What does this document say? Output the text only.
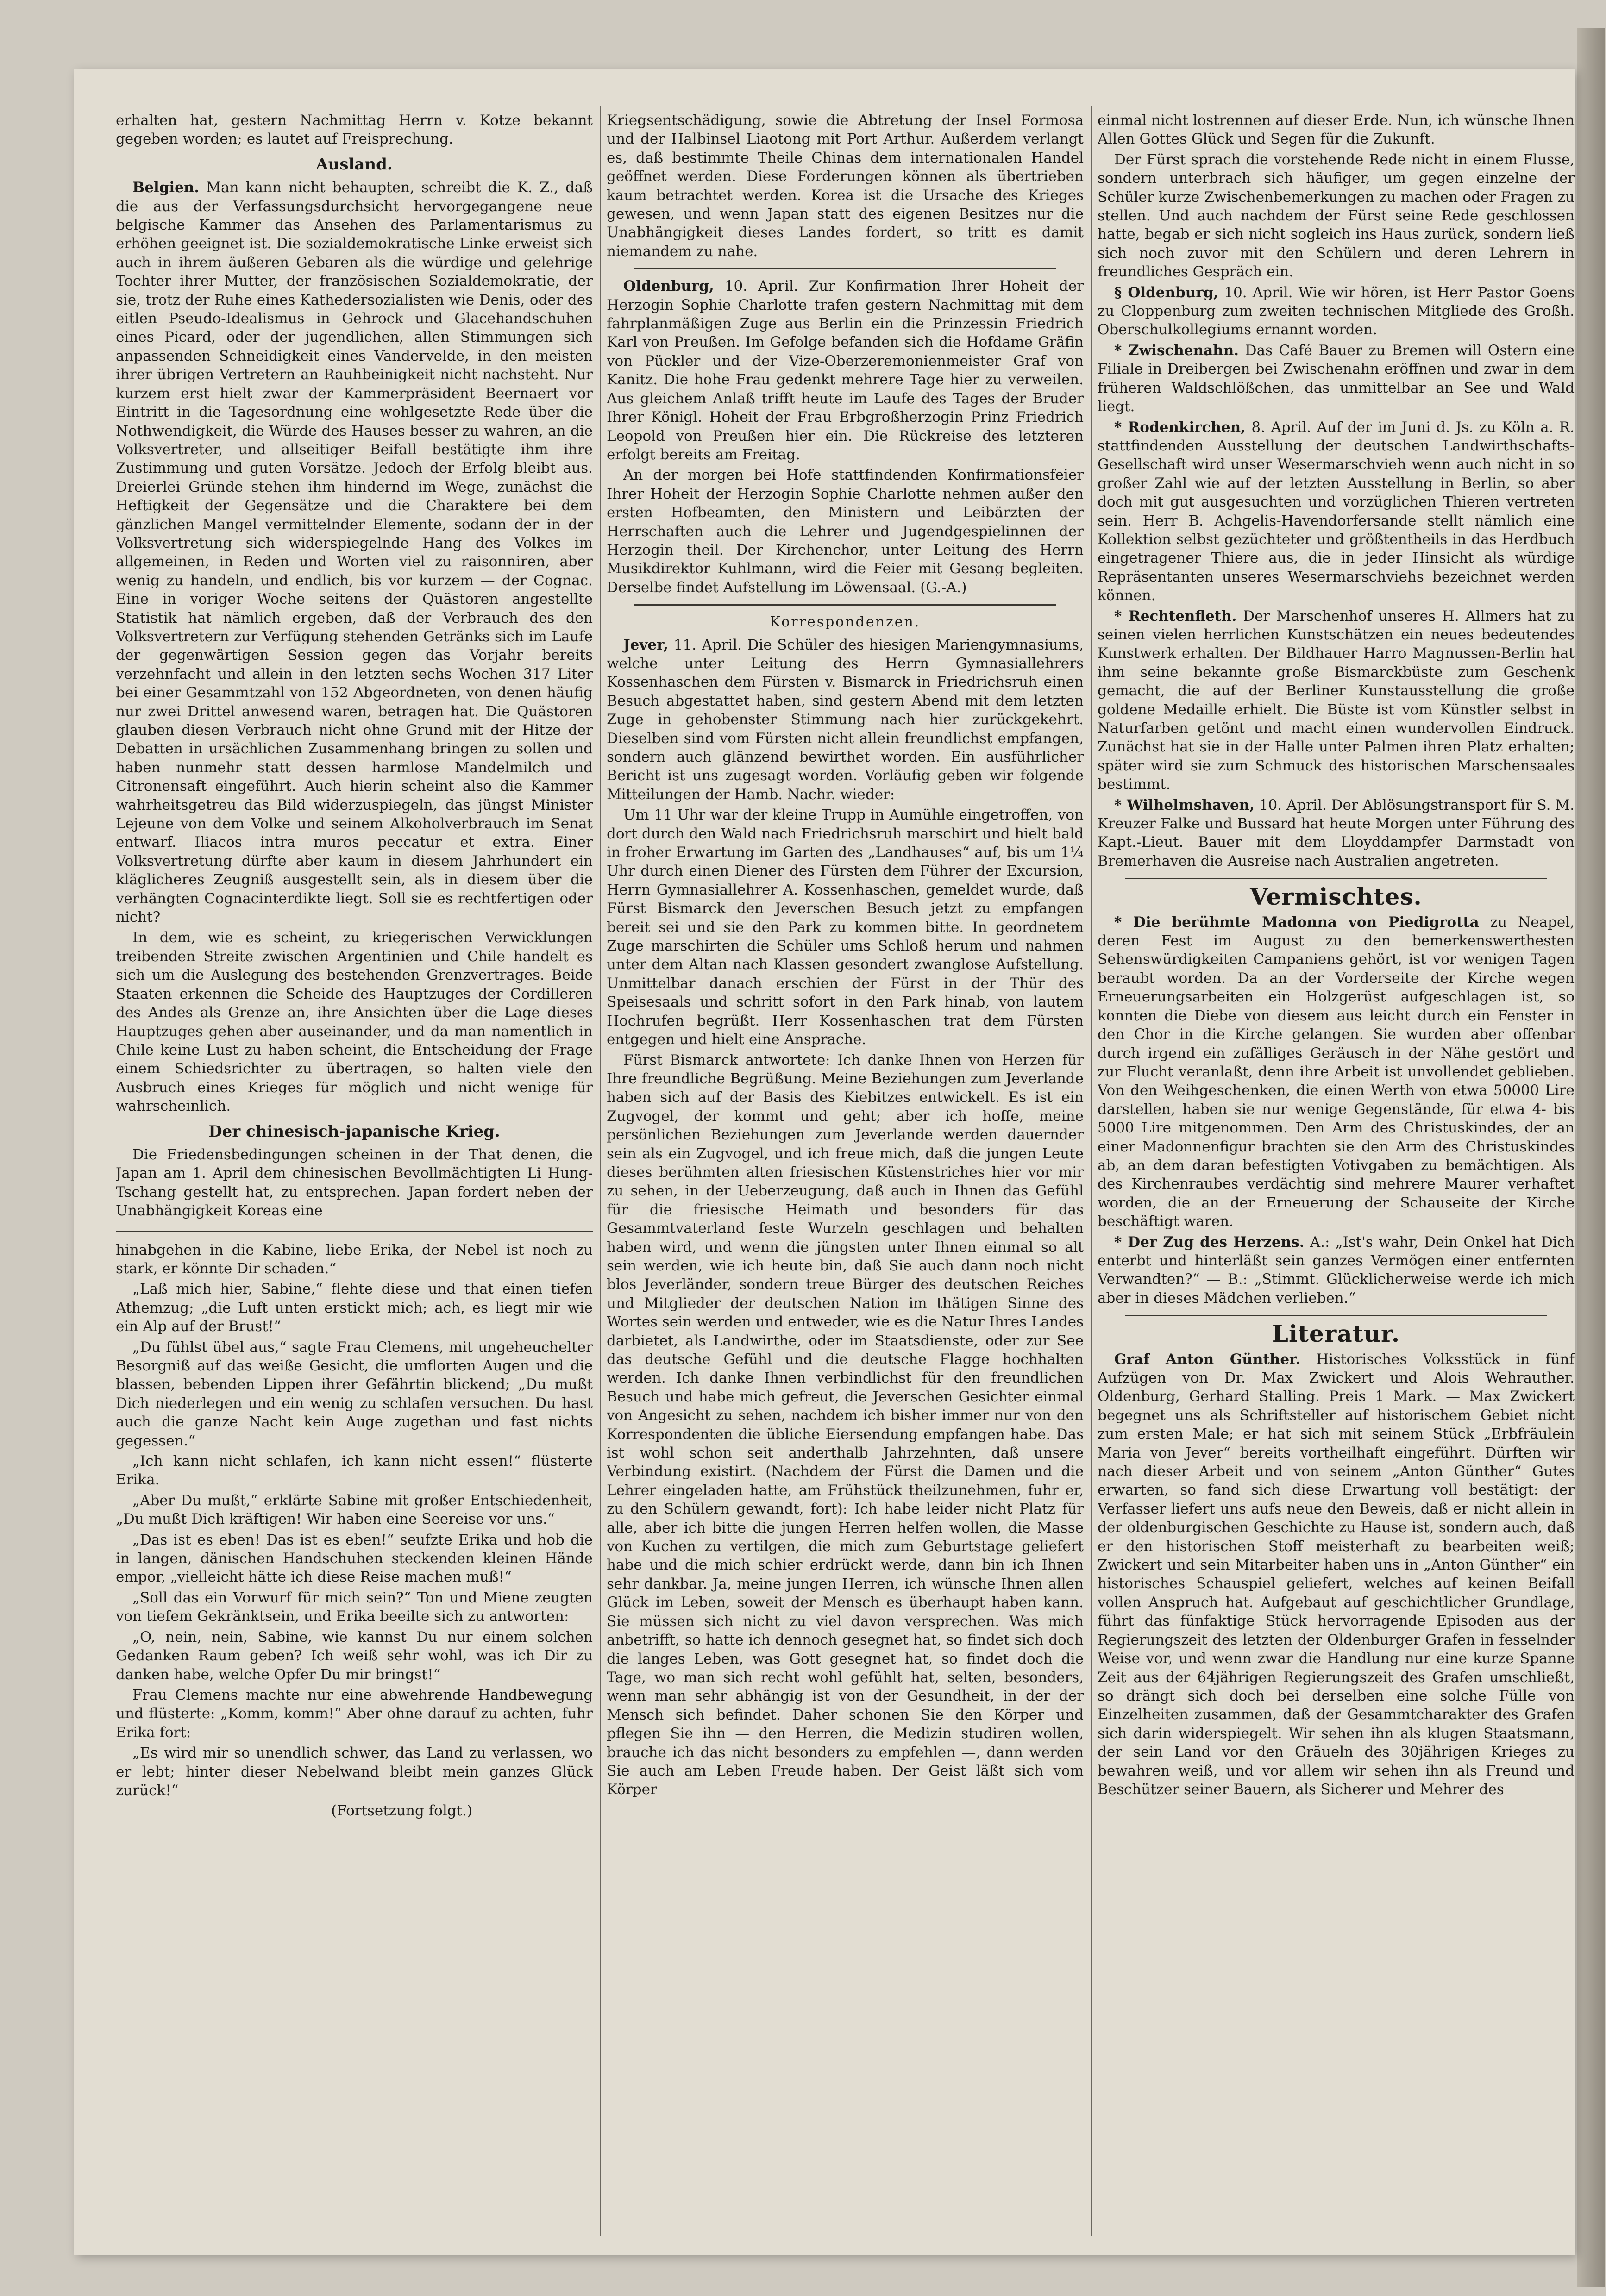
erhalten hat, gestern Nachmittag Herrn v. Kotze bekannt gegeben worden; es lautet auf Freisprechung.

Ausland.

Belgien. Man kann nicht behaupten, schreibt die K. Z., daß die aus der Verfassungsdurchsicht hervorgegangene neue belgische Kammer das Ansehen des Parlamentarismus zu erhöhen geeignet ist. Die sozialdemokratische Linke erweist sich auch in ihrem äußeren Gebaren als die würdige und gelehrige Tochter ihrer Mutter, der französischen Sozialdemokratie, der sie, trotz der Ruhe eines Kathedersozialisten wie Denis, oder des eitlen Pseudo-Idealismus in Gehrock und Glacehandschuhen eines Picard, oder der jugendlichen, allen Stimmungen sich anpassenden Schneidigkeit eines Vandervelde, in den meisten ihrer übrigen Vertretern an Rauhbeinigkeit nicht nachsteht. Nur kurzem erst hielt zwar der Kammerpräsident Beernaert vor Eintritt in die Tagesordnung eine wohlgesetzte Rede über die Nothwendigkeit, die Würde des Hauses besser zu wahren, an die Volksvertreter, und allseitiger Beifall bestätigte ihm ihre Zustimmung und guten Vorsätze. Jedoch der Erfolg bleibt aus. Dreierlei Gründe stehen ihm hindernd im Wege, zunächst die Heftigkeit der Gegensätze und die Charaktere bei dem gänzlichen Mangel vermittelnder Elemente, sodann der in der Volksvertretung sich widerspiegelnde Hang des Volkes im allgemeinen, in Reden und Worten viel zu raisonniren, aber wenig zu handeln, und endlich, bis vor kurzem — der Cognac. Eine in voriger Woche seitens der Quästoren angestellte Statistik hat nämlich ergeben, daß der Verbrauch des den Volksvertretern zur Verfügung stehenden Getränks sich im Laufe der gegenwärtigen Session gegen das Vorjahr bereits verzehnfacht und allein in den letzten sechs Wochen 317 Liter bei einer Gesammtzahl von 152 Abgeordneten, von denen häufig nur zwei Drittel anwesend waren, betragen hat. Die Quästoren glauben diesen Verbrauch nicht ohne Grund mit der Hitze der Debatten in ursächlichen Zusammenhang bringen zu sollen und haben nunmehr statt dessen harmlose Mandelmilch und Citronensaft eingeführt. Auch hierin scheint also die Kammer wahrheitsgetreu das Bild widerzuspiegeln, das jüngst Minister Lejeune von dem Volke und seinem Alkoholverbrauch im Senat entwarf. Iliacos intra muros peccatur et extra. Einer Volksvertretung dürfte aber kaum in diesem Jahrhundert ein kläglicheres Zeugniß ausgestellt sein, als in diesem über die verhängten Cognacinterdikte liegt. Soll sie es rechtfertigen oder nicht?

In dem, wie es scheint, zu kriegerischen Verwicklungen treibenden Streite zwischen Argentinien und Chile handelt es sich um die Auslegung des bestehenden Grenzvertrages. Beide Staaten erkennen die Scheide des Hauptzuges der Cordilleren des Andes als Grenze an, ihre Ansichten über die Lage dieses Hauptzuges gehen aber auseinander, und da man namentlich in Chile keine Lust zu haben scheint, die Entscheidung der Frage einem Schiedsrichter zu übertragen, so halten viele den Ausbruch eines Krieges für möglich und nicht wenige für wahrscheinlich.

Der chinesisch-japanische Krieg.

Die Friedensbedingungen scheinen in der That denen, die Japan am 1. April dem chinesischen Bevollmächtigten Li Hung-Tschang gestellt hat, zu entsprechen. Japan fordert neben der Unabhängigkeit Koreas eine

hinabgehen in die Kabine, liebe Erika, der Nebel ist noch zu stark, er könnte Dir schaden.“

„Laß mich hier, Sabine,“ flehte diese und that einen tiefen Athemzug; „die Luft unten erstickt mich; ach, es liegt mir wie ein Alp auf der Brust!“

„Du fühlst übel aus,“ sagte Frau Clemens, mit ungeheuchelter Besorgniß auf das weiße Gesicht, die umflorten Augen und die blassen, bebenden Lippen ihrer Gefährtin blickend; „Du mußt Dich niederlegen und ein wenig zu schlafen versuchen. Du hast auch die ganze Nacht kein Auge zugethan und fast nichts gegessen.“

„Ich kann nicht schlafen, ich kann nicht essen!“ flüsterte Erika.

„Aber Du mußt,“ erklärte Sabine mit großer Entschiedenheit, „Du mußt Dich kräftigen! Wir haben eine Seereise vor uns.“

„Das ist es eben! Das ist es eben!“ seufzte Erika und hob die in langen, dänischen Handschuhen steckenden kleinen Hände empor, „vielleicht hätte ich diese Reise machen muß!“

„Soll das ein Vorwurf für mich sein?“ Ton und Miene zeugten von tiefem Gekränktsein, und Erika beeilte sich zu antworten:

„O, nein, nein, Sabine, wie kannst Du nur einem solchen Gedanken Raum geben? Ich weiß sehr wohl, was ich Dir zu danken habe, welche Opfer Du mir bringst!“

Frau Clemens machte nur eine abwehrende Handbewegung und flüsterte: „Komm, komm!“ Aber ohne darauf zu achten, fuhr Erika fort:

„Es wird mir so unendlich schwer, das Land zu verlassen, wo er lebt; hinter dieser Nebelwand bleibt mein ganzes Glück zurück!“

(Fortsetzung folgt.)

Kriegsentschädigung, sowie die Abtretung der Insel Formosa und der Halbinsel Liaotong mit Port Arthur. Außerdem verlangt es, daß bestimmte Theile Chinas dem internationalen Handel geöffnet werden. Diese Forderungen können als übertrieben kaum betrachtet werden. Korea ist die Ursache des Krieges gewesen, und wenn Japan statt des eigenen Besitzes nur die Unabhängigkeit dieses Landes fordert, so tritt es damit niemandem zu nahe.

Oldenburg, 10. April. Zur Konfirmation Ihrer Hoheit der Herzogin Sophie Charlotte trafen gestern Nachmittag mit dem fahrplanmäßigen Zuge aus Berlin ein die Prinzessin Friedrich Karl von Preußen. Im Gefolge befanden sich die Hofdame Gräfin von Pückler und der Vize-Oberzeremonienmeister Graf von Kanitz. Die hohe Frau gedenkt mehrere Tage hier zu verweilen. Aus gleichem Anlaß trifft heute im Laufe des Tages der Bruder Ihrer Königl. Hoheit der Frau Erbgroßherzogin Prinz Friedrich Leopold von Preußen hier ein. Die Rückreise des letzteren erfolgt bereits am Freitag.

An der morgen bei Hofe stattfindenden Konfirmationsfeier Ihrer Hoheit der Herzogin Sophie Charlotte nehmen außer den ersten Hofbeamten, den Ministern und Leibärzten der Herrschaften auch die Lehrer und Jugendgespielinnen der Herzogin theil. Der Kirchenchor, unter Leitung des Herrn Musikdirektor Kuhlmann, wird die Feier mit Gesang begleiten. Derselbe findet Aufstellung im Löwensaal. (G.-A.)

Korrespondenzen.

Jever, 11. April. Die Schüler des hiesigen Mariengymnasiums, welche unter Leitung des Herrn Gymnasiallehrers Kossenhaschen dem Fürsten v. Bismarck in Friedrichsruh einen Besuch abgestattet haben, sind gestern Abend mit dem letzten Zuge in gehobenster Stimmung nach hier zurückgekehrt. Dieselben sind vom Fürsten nicht allein freundlichst empfangen, sondern auch glänzend bewirthet worden. Ein ausführlicher Bericht ist uns zugesagt worden. Vorläufig geben wir folgende Mitteilungen der Hamb. Nachr. wieder:

Um 11 Uhr war der kleine Trupp in Aumühle eingetroffen, von dort durch den Wald nach Friedrichsruh marschirt und hielt bald in froher Erwartung im Garten des „Landhauses“ auf, bis um 1¼ Uhr durch einen Diener des Fürsten dem Führer der Excursion, Herrn Gymnasiallehrer A. Kossenhaschen, gemeldet wurde, daß Fürst Bismarck den Jeverschen Besuch jetzt zu empfangen bereit sei und sie den Park zu kommen bitte. In geordnetem Zuge marschirten die Schüler ums Schloß herum und nahmen unter dem Altan nach Klassen gesondert zwanglose Aufstellung. Unmittelbar danach erschien der Fürst in der Thür des Speisesaals und schritt sofort in den Park hinab, von lautem Hochrufen begrüßt. Herr Kossenhaschen trat dem Fürsten entgegen und hielt eine Ansprache.

Fürst Bismarck antwortete: Ich danke Ihnen von Herzen für Ihre freundliche Begrüßung. Meine Beziehungen zum Jeverlande haben sich auf der Basis des Kiebitzes entwickelt. Es ist ein Zugvogel, der kommt und geht; aber ich hoffe, meine persönlichen Beziehungen zum Jeverlande werden dauernder sein als ein Zugvogel, und ich freue mich, daß die jungen Leute dieses berühmten alten friesischen Küstenstriches hier vor mir zu sehen, in der Ueberzeugung, daß auch in Ihnen das Gefühl für die friesische Heimath und besonders für das Gesammtvaterland feste Wurzeln geschlagen und behalten haben wird, und wenn die jüngsten unter Ihnen einmal so alt sein werden, wie ich heute bin, daß Sie auch dann noch nicht blos Jeverländer, sondern treue Bürger des deutschen Reiches und Mitglieder der deutschen Nation im thätigen Sinne des Wortes sein werden und entweder, wie es die Natur Ihres Landes darbietet, als Landwirthe, oder im Staatsdienste, oder zur See das deutsche Gefühl und die deutsche Flagge hochhalten werden. Ich danke Ihnen verbindlichst für den freundlichen Besuch und habe mich gefreut, die Jeverschen Gesichter einmal von Angesicht zu sehen, nachdem ich bisher immer nur von den Korrespondenten die übliche Eiersendung empfangen habe. Das ist wohl schon seit anderthalb Jahrzehnten, daß unsere Verbindung existirt. (Nachdem der Fürst die Damen und die Lehrer eingeladen hatte, am Frühstück theilzunehmen, fuhr er, zu den Schülern gewandt, fort): Ich habe leider nicht Platz für alle, aber ich bitte die jungen Herren helfen wollen, die Masse von Kuchen zu vertilgen, die mich zum Geburtstage geliefert habe und die mich schier erdrückt werde, dann bin ich Ihnen sehr dankbar. Ja, meine jungen Herren, ich wünsche Ihnen allen Glück im Leben, soweit der Mensch es überhaupt haben kann. Sie müssen sich nicht zu viel davon versprechen. Was mich anbetrifft, so hatte ich dennoch gesegnet hat, so findet sich doch die langes Leben, was Gott gesegnet hat, so findet doch die Tage, wo man sich recht wohl gefühlt hat, selten, besonders, wenn man sehr abhängig ist von der Gesundheit, in der der Mensch sich befindet. Daher schonen Sie den Körper und pflegen Sie ihn — den Herren, die Medizin studiren wollen, brauche ich das nicht besonders zu empfehlen —, dann werden Sie auch am Leben Freude haben. Der Geist läßt sich vom Körper

einmal nicht lostrennen auf dieser Erde. Nun, ich wünsche Ihnen Allen Gottes Glück und Segen für die Zukunft.

Der Fürst sprach die vorstehende Rede nicht in einem Flusse, sondern unterbrach sich häufiger, um gegen einzelne der Schüler kurze Zwischenbemerkungen zu machen oder Fragen zu stellen. Und auch nachdem der Fürst seine Rede geschlossen hatte, begab er sich nicht sogleich ins Haus zurück, sondern ließ sich noch zuvor mit den Schülern und deren Lehrern in freundliches Gespräch ein.

§ Oldenburg, 10. April. Wie wir hören, ist Herr Pastor Goens zu Cloppenburg zum zweiten technischen Mitgliede des Großh. Oberschulkollegiums ernannt worden.

* Zwischenahn. Das Café Bauer zu Bremen will Ostern eine Filiale in Dreibergen bei Zwischenahn eröffnen und zwar in dem früheren Waldschlößchen, das unmittelbar an See und Wald liegt.

* Rodenkirchen, 8. April. Auf der im Juni d. Js. zu Köln a. R. stattfindenden Ausstellung der deutschen Landwirthschafts-Gesellschaft wird unser Wesermarschvieh wenn auch nicht in so großer Zahl wie auf der letzten Ausstellung in Berlin, so aber doch mit gut ausgesuchten und vorzüglichen Thieren vertreten sein. Herr B. Achgelis-Havendorfersande stellt nämlich eine Kollektion selbst gezüchteter und größtentheils in das Herdbuch eingetragener Thiere aus, die in jeder Hinsicht als würdige Repräsentanten unseres Wesermarschviehs bezeichnet werden können.

* Rechtenfleth. Der Marschenhof unseres H. Allmers hat zu seinen vielen herrlichen Kunstschätzen ein neues bedeutendes Kunstwerk erhalten. Der Bildhauer Harro Magnussen-Berlin hat ihm seine bekannte große Bismarckbüste zum Geschenk gemacht, die auf der Berliner Kunstausstellung die große goldene Medaille erhielt. Die Büste ist vom Künstler selbst in Naturfarben getönt und macht einen wundervollen Eindruck. Zunächst hat sie in der Halle unter Palmen ihren Platz erhalten; später wird sie zum Schmuck des historischen Marschensaales bestimmt.

* Wilhelmshaven, 10. April. Der Ablösungstransport für S. M. Kreuzer Falke und Bussard hat heute Morgen unter Führung des Kapt.-Lieut. Bauer mit dem Lloyddampfer Darmstadt von Bremerhaven die Ausreise nach Australien angetreten.

Vermischtes.

* Die berühmte Madonna von Piedigrotta zu Neapel, deren Fest im August zu den bemerkenswerthesten Sehenswürdigkeiten Campaniens gehört, ist vor wenigen Tagen beraubt worden. Da an der Vorderseite der Kirche wegen Erneuerungsarbeiten ein Holzgerüst aufgeschlagen ist, so konnten die Diebe von diesem aus leicht durch ein Fenster in den Chor in die Kirche gelangen. Sie wurden aber offenbar durch irgend ein zufälliges Geräusch in der Nähe gestört und zur Flucht veranlaßt, denn ihre Arbeit ist unvollendet geblieben. Von den Weihgeschenken, die einen Werth von etwa 50000 Lire darstellen, haben sie nur wenige Gegenstände, für etwa 4- bis 5000 Lire mitgenommen. Den Arm des Christuskindes, der an einer Madonnenfigur brachten sie den Arm des Christuskindes ab, an dem daran befestigten Votivgaben zu bemächtigen. Als des Kirchenraubes verdächtig sind mehrere Maurer verhaftet worden, die an der Erneuerung der Schauseite der Kirche beschäftigt waren.

* Der Zug des Herzens. A.: „Ist's wahr, Dein Onkel hat Dich enterbt und hinterläßt sein ganzes Vermögen einer entfernten Verwandten?“ — B.: „Stimmt. Glücklicherweise werde ich mich aber in dieses Mädchen verlieben.“

Literatur.

Graf Anton Günther. Historisches Volksstück in fünf Aufzügen von Dr. Max Zwickert und Alois Wehrauther. Oldenburg, Gerhard Stalling. Preis 1 Mark. — Max Zwickert begegnet uns als Schriftsteller auf historischem Gebiet nicht zum ersten Male; er hat sich mit seinem Stück „Erbfräulein Maria von Jever“ bereits vortheilhaft eingeführt. Dürften wir nach dieser Arbeit und von seinem „Anton Günther“ Gutes erwarten, so fand sich diese Erwartung voll bestätigt: der Verfasser liefert uns aufs neue den Beweis, daß er nicht allein in der oldenburgischen Geschichte zu Hause ist, sondern auch, daß er den historischen Stoff meisterhaft zu bearbeiten weiß; Zwickert und sein Mitarbeiter haben uns in „Anton Günther“ ein historisches Schauspiel geliefert, welches auf keinen Beifall vollen Anspruch hat. Aufgebaut auf geschichtlicher Grundlage, führt das fünfaktige Stück hervorragende Episoden aus der Regierungszeit des letzten der Oldenburger Grafen in fesselnder Weise vor, und wenn zwar die Handlung nur eine kurze Spanne Zeit aus der 64jährigen Regierungszeit des Grafen umschließt, so drängt sich doch bei derselben eine solche Fülle von Einzelheiten zusammen, daß der Gesammtcharakter des Grafen sich darin widerspiegelt. Wir sehen ihn als klugen Staatsmann, der sein Land vor den Gräueln des 30jährigen Krieges zu bewahren weiß, und vor allem wir sehen ihn als Freund und Beschützer seiner Bauern, als Sicherer und Mehrer des
